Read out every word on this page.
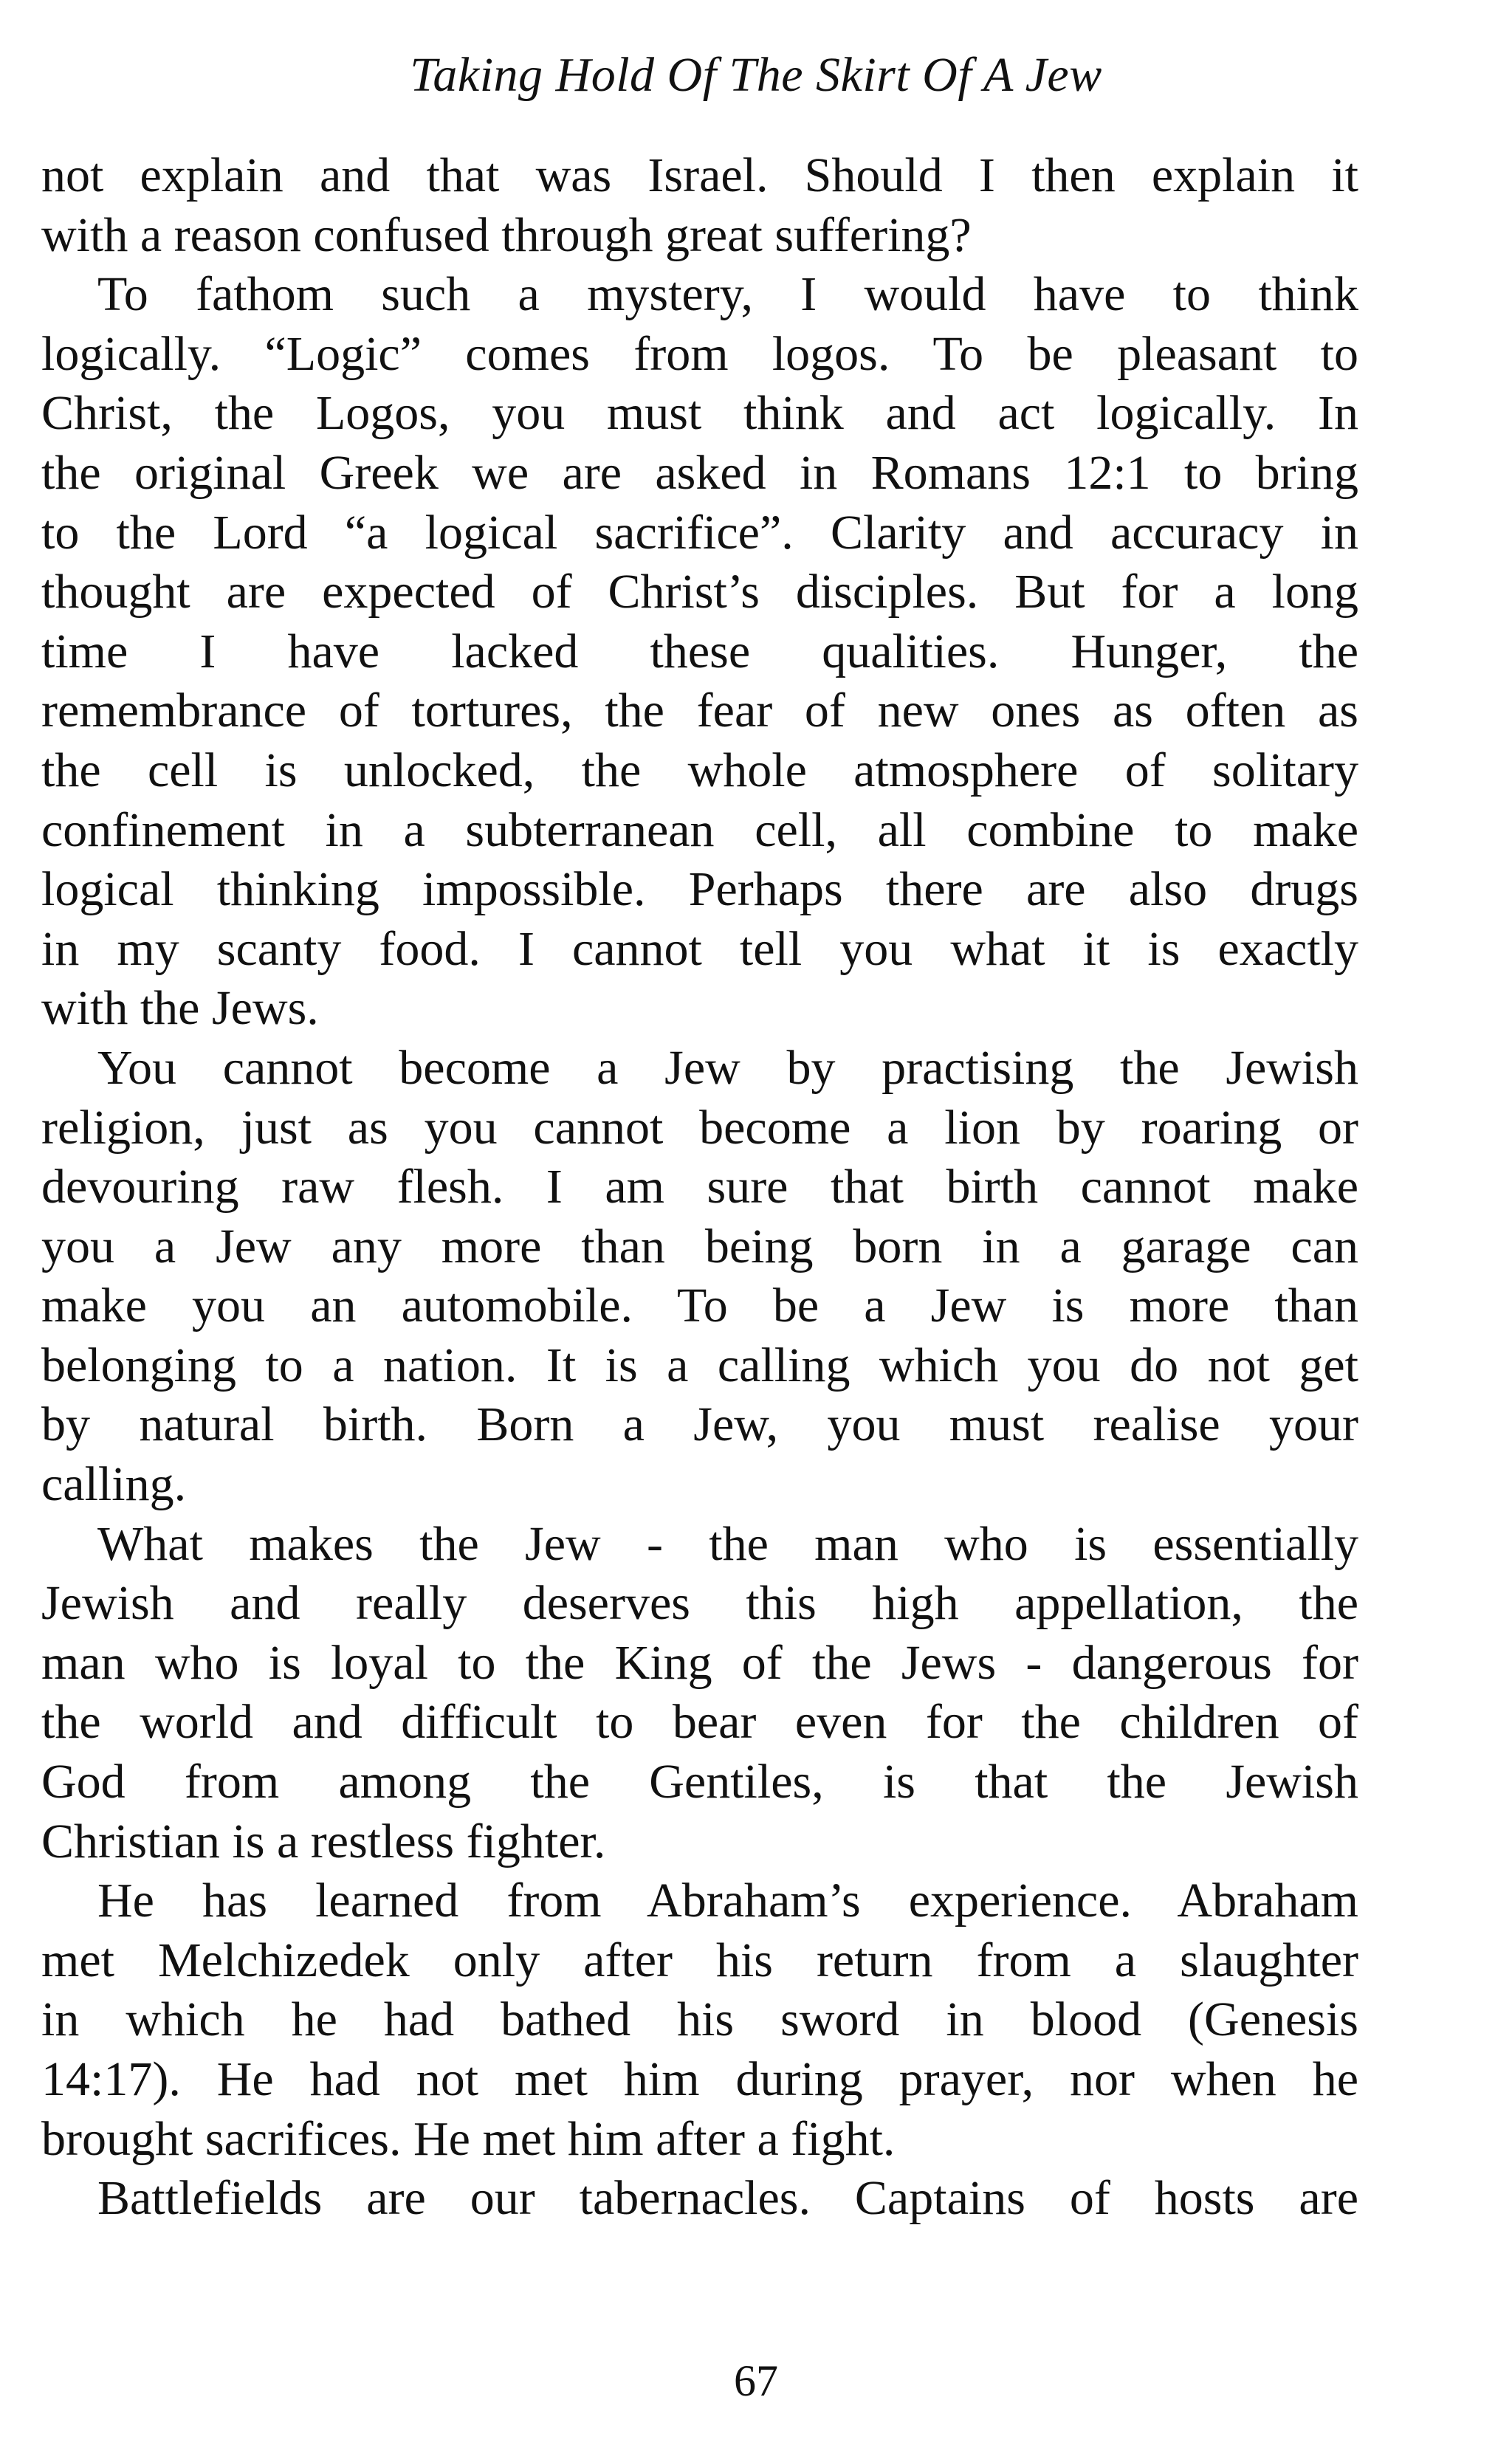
Taking Hold Of The Skirt Of A Jew
not explain and that was Israel. Should I then explain it
with a reason confused through great suffering?
To fathom such a mystery, I would have to think
logically. “Logic” comes from logos. To be pleasant to
Christ, the Logos, you must think and act logically. In
the original Greek we are asked in Romans 12:1 to bring
to the Lord “a logical sacrifice”. Clarity and accuracy in
thought are expected of Christ’s disciples. But for a long
time I have lacked these qualities. Hunger, the
remembrance of tortures, the fear of new ones as often as
the cell is unlocked, the whole atmosphere of solitary
confinement in a subterranean cell, all combine to make
logical thinking impossible. Perhaps there are also drugs
in my scanty food. I cannot tell you what it is exactly
with the Jews.
You cannot become a Jew by practising the Jewish
religion, just as you cannot become a lion by roaring or
devouring raw flesh. I am sure that birth cannot make
you a Jew any more than being born in a garage can
make you an automobile. To be a Jew is more than
belonging to a nation. It is a calling which you do not get
by natural birth. Born a Jew, you must realise your
calling.
What makes the Jew - the man who is essentially
Jewish and really deserves this high appellation, the
man who is loyal to the King of the Jews - dangerous for
the world and difficult to bear even for the children of
God from among the Gentiles, is that the Jewish
Christian is a restless fighter.
He has learned from Abraham’s experience. Abraham
met Melchizedek only after his return from a slaughter
in which he had bathed his sword in blood (Genesis
14:17). He had not met him during prayer, nor when he
brought sacrifices. He met him after a fight.
Battlefields are our tabernacles. Captains of hosts are
67
